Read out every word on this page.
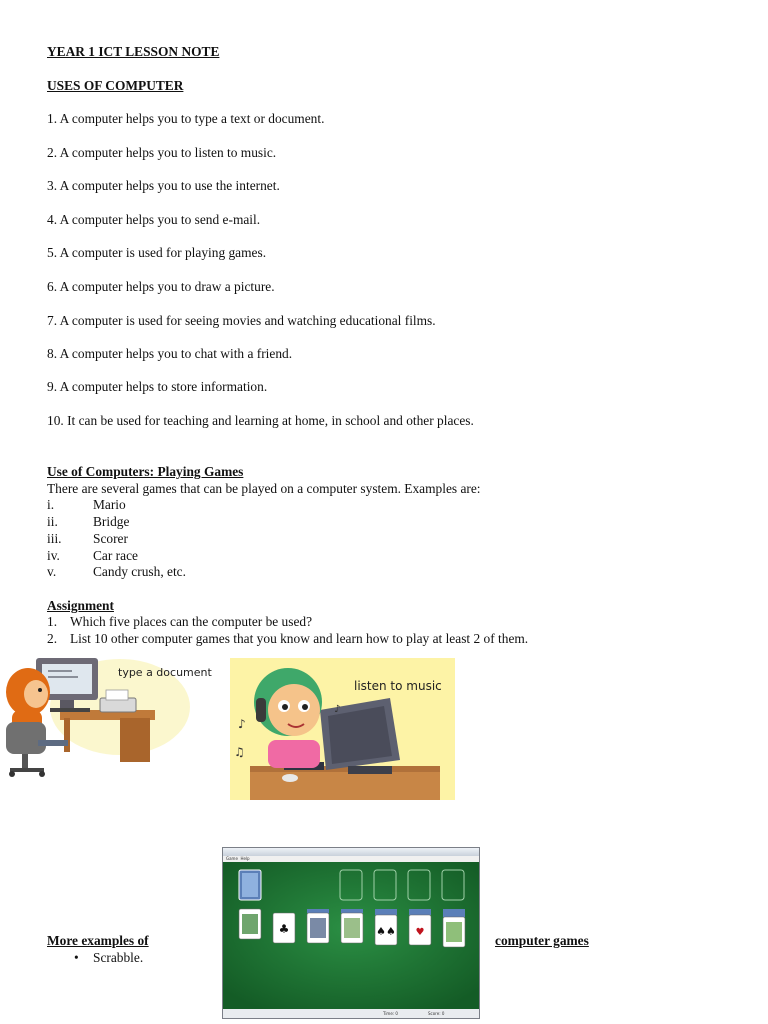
YEAR 1 ICT LESSON NOTE
USES OF COMPUTER
1. A computer helps you to type a text or document.
2. A computer helps you to listen to music.
3. A computer helps you to use the internet.
4. A computer helps you to send e-mail.
5. A computer is used for playing games.
6. A computer helps you to draw a picture.
7. A computer is used for seeing movies and watching educational films.
8. A computer helps you to chat with a friend.
9. A computer helps to store information.
10. It can be used for teaching and learning at home, in school and other places.
Use of Computers: Playing Games
There are several games that can be played on a computer system. Examples are:
i.	Mario
ii.	Bridge
iii. Scorer
iv. Car race
v.	Candy crush, etc.
Assignment
1. Which five places can the computer be used?
2. List 10 other computer games that you know and learn how to play at least 2 of them.
type a document
♪
♫
♪
listen to music
More examples of	computer games
• Scrabble.
Game Help
♣	♠♠ ♥
Time: 0	Score: 0
